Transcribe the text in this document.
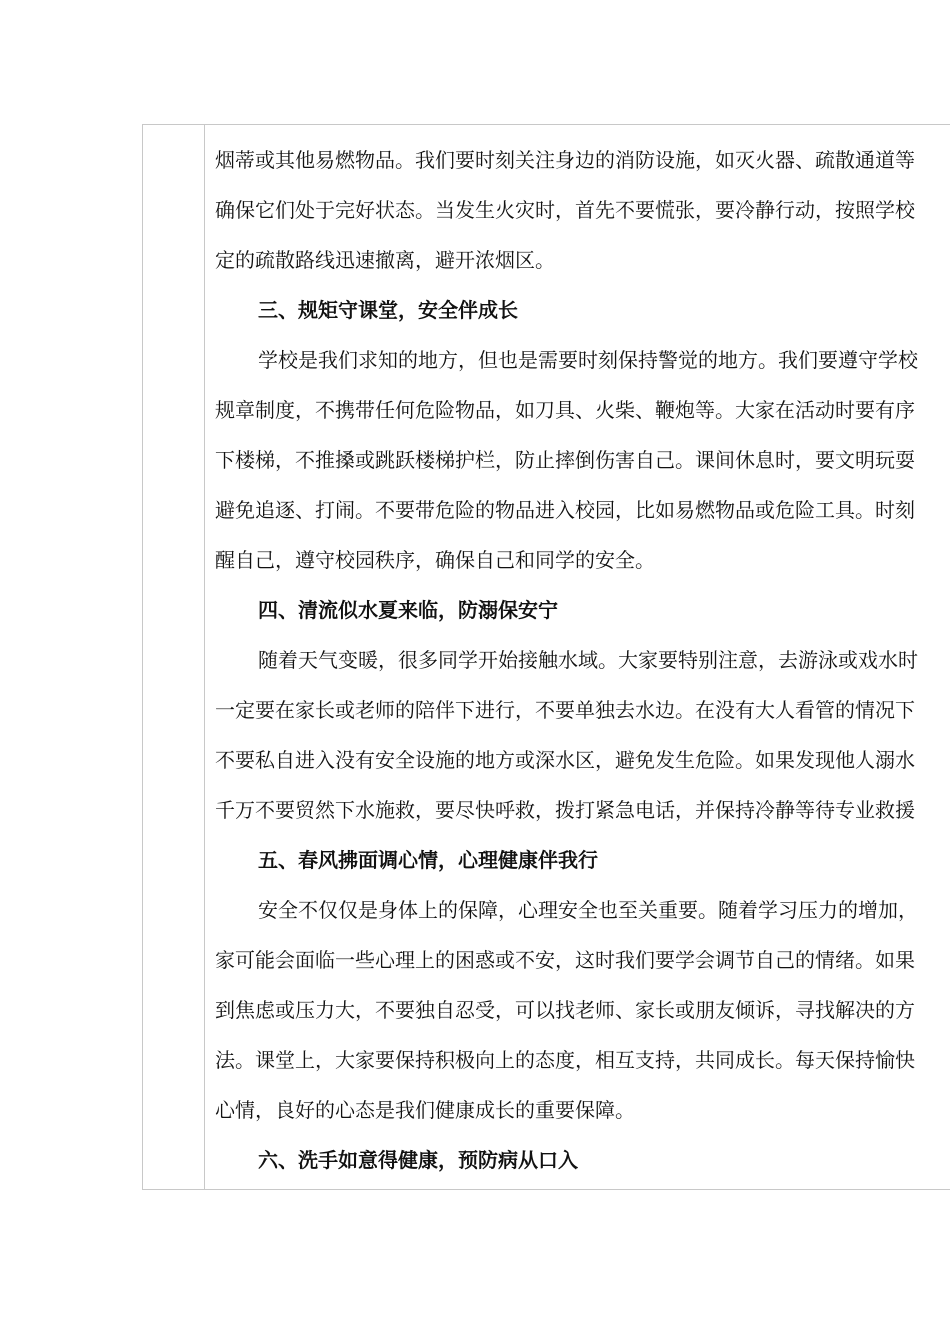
烟蒂或其他易燃物品。我们要时刻关注身边的消防设施，如灭火器、疏散通道等
确保它们处于完好状态。当发生火灾时，首先不要慌张，要冷静行动，按照学校
定的疏散路线迅速撤离，避开浓烟区。
三、规矩守课堂，安全伴成长
学校是我们求知的地方，但也是需要时刻保持警觉的地方。我们要遵守学校
规章制度，不携带任何危险物品，如刀具、火柴、鞭炮等。大家在活动时要有序
下楼梯，不推搡或跳跃楼梯护栏，防止摔倒伤害自己。课间休息时，要文明玩耍
避免追逐、打闹。不要带危险的物品进入校园，比如易燃物品或危险工具。时刻
醒自己，遵守校园秩序，确保自己和同学的安全。
四、清流似水夏来临，防溺保安宁
随着天气变暖，很多同学开始接触水域。大家要特别注意，去游泳或戏水时
一定要在家长或老师的陪伴下进行，不要单独去水边。在没有大人看管的情况下
不要私自进入没有安全设施的地方或深水区，避免发生危险。如果发现他人溺水
千万不要贸然下水施救，要尽快呼救，拨打紧急电话，并保持冷静等待专业救援
五、春风拂面调心情，心理健康伴我行
安全不仅仅是身体上的保障，心理安全也至关重要。随着学习压力的增加，
家可能会面临一些心理上的困惑或不安，这时我们要学会调节自己的情绪。如果
到焦虑或压力大，不要独自忍受，可以找老师、家长或朋友倾诉，寻找解决的方
法。课堂上，大家要保持积极向上的态度，相互支持，共同成长。每天保持愉快
心情，良好的心态是我们健康成长的重要保障。
六、洗手如意得健康，预防病从口入
